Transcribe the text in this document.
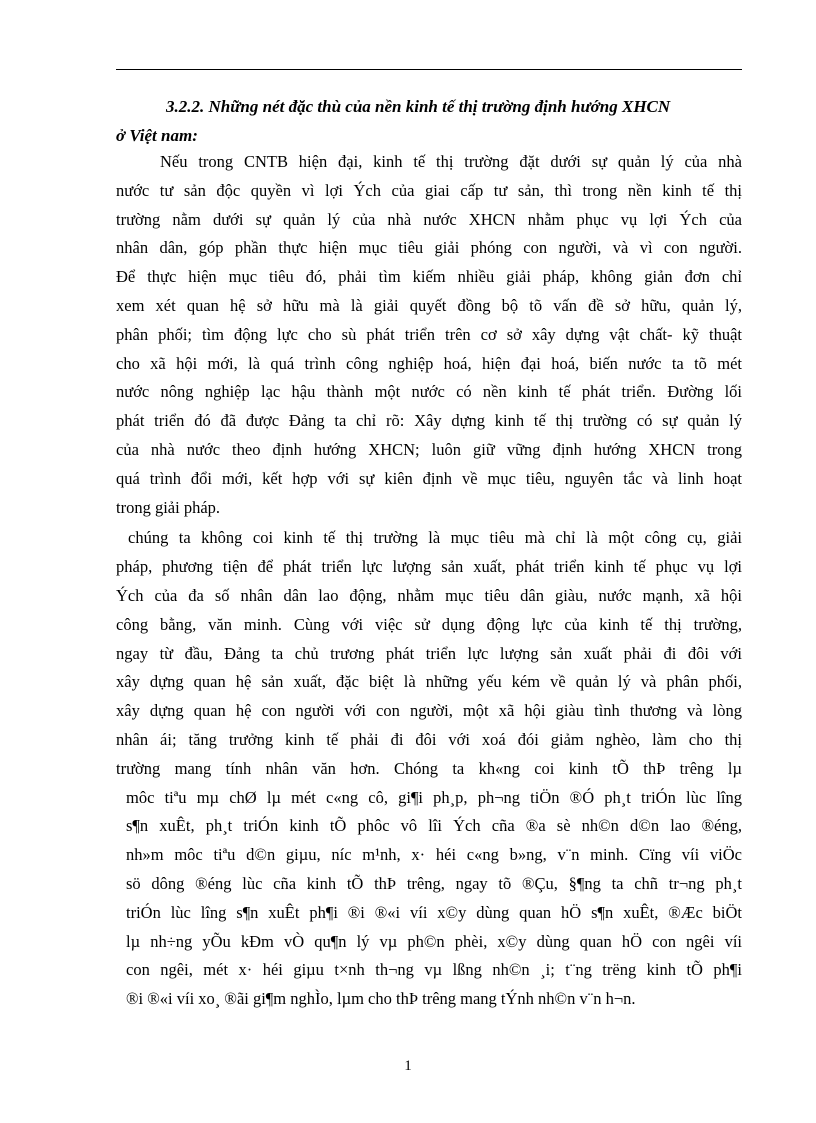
3.2.2. Những nét đặc thù của nền kinh tế thị trường định hướng XHCN
ở Việt nam:
Nếu trong CNTB hiện đại, kinh tế thị trường đặt dưới sự quản lý của nhà
nước tư sản độc quyền vì lợi Ých của giai cấp tư sản, thì trong nền kinh tế thị
trường nằm dưới sự quản lý của nhà nước XHCN nhằm phục vụ lợi Ých của
nhân dân, góp phần thực hiện mục tiêu giải phóng con người, và vì con người.
Để thực hiện mục tiêu đó, phải tìm kiếm nhiều giải pháp, không giản đơn chỉ
xem xét quan hệ sở hữu mà là giải quyết đồng bộ tõ vấn đề sở hữu, quản lý,
phân phối; tìm động lực cho sù phát triển trên cơ sở xây dựng vật chất- kỹ thuật
cho xã hội mới, là quá trình công nghiệp hoá, hiện đại hoá, biến nước ta tõ mét
nước nông nghiệp lạc hậu thành một nước có nền kinh tế phát triển. Đường lối
phát triển đó đã được Đảng ta chỉ rõ: Xây dựng kinh tế thị trường có sự quản lý
của nhà nước theo định hướng XHCN; luôn giữ vững định hướng XHCN trong
quá trình đổi mới, kết hợp với sự kiên định về mục tiêu, nguyên tắc và linh hoạt
trong giải pháp.
chúng ta không coi kinh tế thị trường là mục tiêu mà chỉ là một công cụ, giải
pháp, phương tiện để phát triển lực lượng sản xuất, phát triển kinh tế phục vụ lợi
Ých của đa số nhân dân lao động, nhằm mục tiêu dân giàu, nước mạnh, xã hội
công bằng, văn minh. Cùng với việc sử dụng động lực của kinh tế thị trường,
ngay từ đầu, Đảng ta chủ trương phát triển lực lượng sản xuất phải đi đôi với
xây dựng quan hệ sản xuất, đặc biệt là những yếu kém về quản lý và phân phối,
xây dựng quan hệ con người với con người, một xã hội giàu tình thương và lòng
nhân ái; tăng trưởng kinh tế phải đi đôi với xoá đói giảm nghèo, làm cho thị
trường mang tính nhân văn hơn. Chóng ta kh«ng coi kinh tÕ thÞ trêng lµ
môc tiªu mµ chØ lµ mét c«ng cô, gi¶i ph¸p, ph¬ng tiÖn ®Ó ph¸t triÓn lùc lîng
s¶n xuÊt, ph¸t triÓn kinh tÕ phôc vô lîi Ých cña ®a sè nh©n d©n lao ®éng,
nh»m môc tiªu d©n giµu, níc m¹nh, x· héi c«ng b»ng, v¨n minh. Cïng víi viÖc
sö dông ®éng lùc cña kinh tÕ thÞ trêng, ngay tõ ®Çu, §¶ng ta chñ tr¬ng ph¸t
triÓn lùc lîng s¶n xuÊt ph¶i ®i ®«i víi x©y dùng quan hÖ s¶n xuÊt, ®Æc biÖt
lµ nh÷ng yÕu kÐm vÒ qu¶n lý vµ ph©n phèi, x©y dùng quan hÖ con ngêi víi
con ngêi, mét x· héi giµu t×nh th¬ng vµ lßng nh©n ¸i; t¨ng trëng kinh tÕ ph¶i
®i ®«i víi xo¸ ®ãi gi¶m nghÌo, lµm cho thÞ trêng mang tÝnh nh©n v¨n h¬n.
1
